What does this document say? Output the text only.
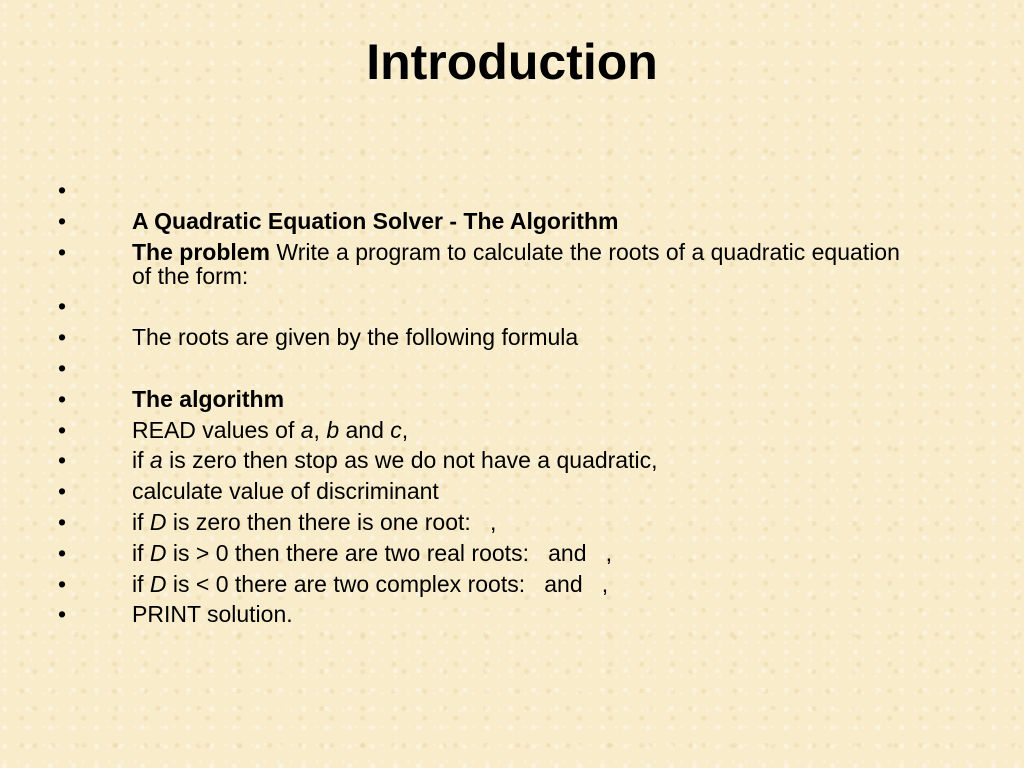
Introduction
•
•	A Quadratic Equation Solver - The Algorithm
•	The problem Write a program to calculate the roots of a quadratic equation of the form:
•
•	The roots are given by the following formula
•
•	The algorithm
•	READ values of a, b and c,
•	if a is zero then stop as we do not have a quadratic,
•	calculate value of discriminant
•	if D is zero then there is one root:   ,
•	if D is > 0 then there are two real roots:   and   ,
•	if D is < 0 there are two complex roots:   and   ,
•	PRINT solution.
